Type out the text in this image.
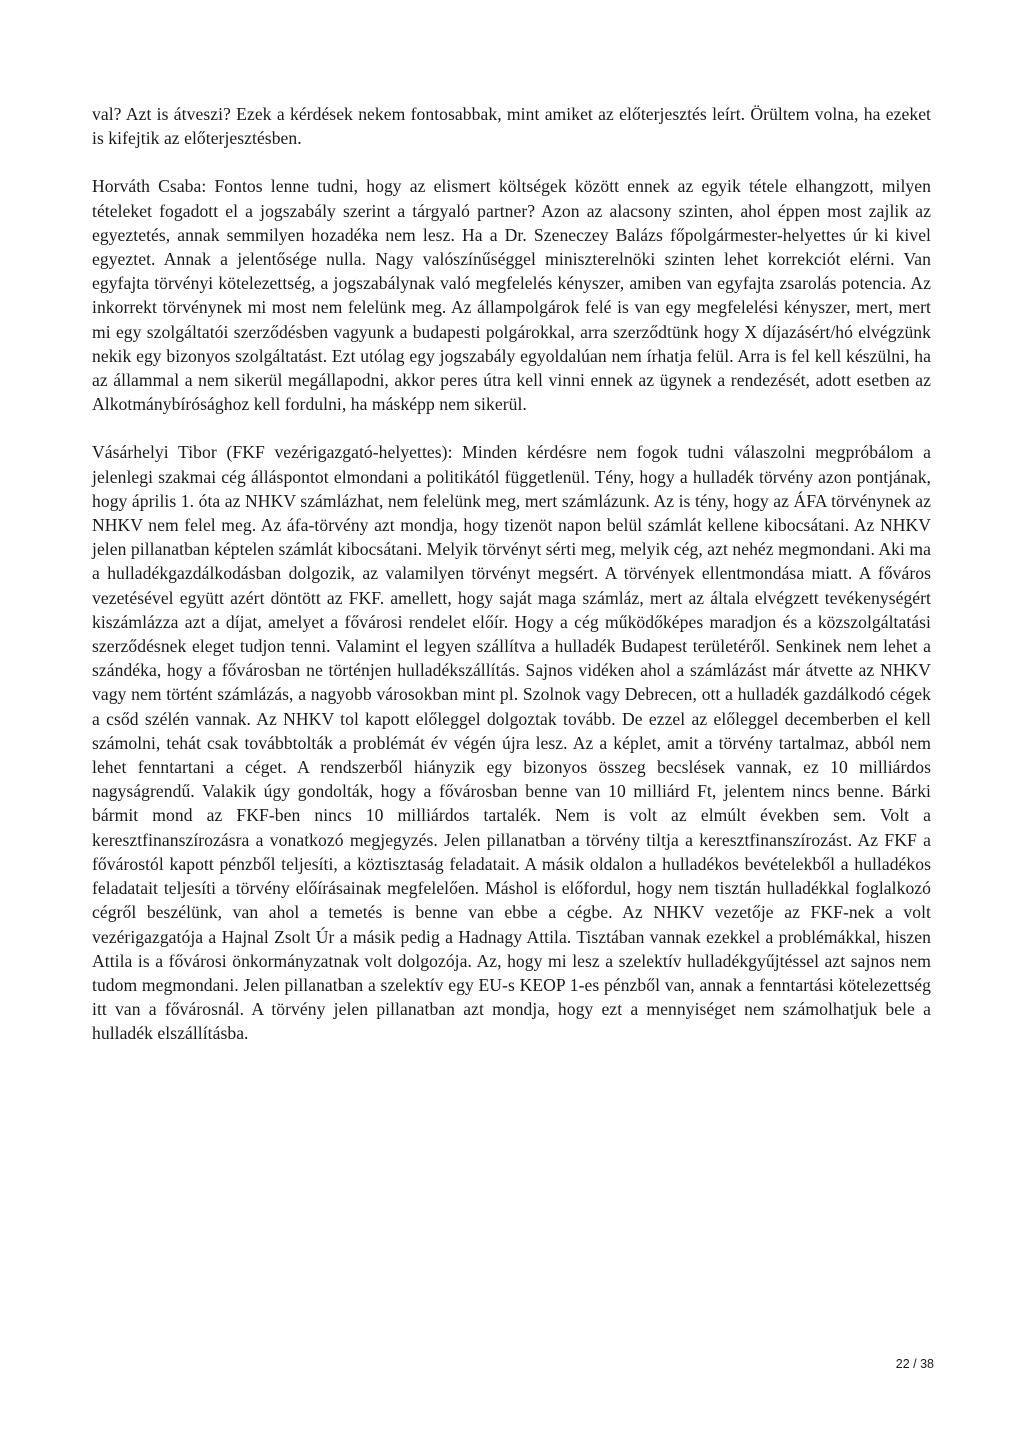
val? Azt is átveszi? Ezek a kérdések nekem fontosabbak, mint amiket az előterjesztés leírt. Örültem volna, ha ezeket is kifejtik az előterjesztésben.

Horváth Csaba: Fontos lenne tudni, hogy az elismert költségek között ennek az egyik tétele elhangzott, milyen tételeket fogadott el a jogszabály szerint a tárgyaló partner? Azon az alacsony szinten, ahol éppen most zajlik az egyeztetés, annak semmilyen hozadéka nem lesz. Ha a Dr. Szeneczey Balázs főpolgármester-helyettes úr ki kivel egyeztet. Annak a jelentősége nulla. Nagy valószínűséggel miniszterelnöki szinten lehet korrekciót elérni. Van egyfajta törvényi kötelezettség, a jogszabálynak való megfelelés kényszer, amiben van egyfajta zsarolás potencia. Az inkorrekt törvénynek mi most nem felelünk meg. Az állampolgárok felé is van egy megfelelési kényszer, mert, mert mi egy szolgáltatói szerződésben vagyunk a budapesti polgárokkal, arra szerződtünk hogy X díjazásért/hó elvégzünk nekik egy bizonyos szolgáltatást. Ezt utólag egy jogszabály egyoldalúan nem írhatja felül. Arra is fel kell készülni, ha az állammal a nem sikerül megállapodni, akkor peres útra kell vinni ennek az ügynek a rendezését, adott esetben az Alkotmánybírósághoz kell fordulni, ha másképp nem sikerül.

Vásárhelyi Tibor (FKF vezérigazgató-helyettes): Minden kérdésre nem fogok tudni válaszolni megpróbálom a jelenlegi szakmai cég álláspontot elmondani a politikától függetlenül. Tény, hogy a hulladék törvény azon pontjának, hogy április 1. óta az NHKV számlázhat, nem felelünk meg, mert számlázunk. Az is tény, hogy az ÁFA törvénynek az NHKV nem felel meg. Az áfa-törvény azt mondja, hogy tizenöt napon belül számlát kellene kibocsátani. Az NHKV jelen pillanatban képtelen számlát kibocsátani. Melyik törvényt sérti meg, melyik cég, azt nehéz megmondani. Aki ma a hulladékgazdálkodásban dolgozik, az valamilyen törvényt megsért. A törvények ellentmondása miatt. A főváros vezetésével együtt azért döntött az FKF. amellett, hogy saját maga számláz, mert az általa elvégzett tevékenységért kiszámlázza azt a díjat, amelyet a fővárosi rendelet előír. Hogy a cég működőképes maradjon és a közszolgáltatási szerződésnek eleget tudjon tenni. Valamint el legyen szállítva a hulladék Budapest területéről. Senkinek nem lehet a szándéka, hogy a fővárosban ne történjen hulladékszállítás. Sajnos vidéken ahol a számlázást már átvette az NHKV vagy nem történt számlázás, a nagyobb városokban mint pl. Szolnok vagy Debrecen, ott a hulladék gazdálkodó cégek a csőd szélén vannak. Az NHKV tol kapott előleggel dolgoztak tovább. De ezzel az előleggel decemberben el kell számolni, tehát csak továbbtolták a problémát év végén újra lesz. Az a képlet, amit a törvény tartalmaz, abból nem lehet fenntartani a céget. A rendszerből hiányzik egy bizonyos összeg becslések vannak, ez 10 milliárdos nagyságrendű. Valakik úgy gondolták, hogy a fővárosban benne van 10 milliárd Ft, jelentem nincs benne. Bárki bármit mond az FKF-ben nincs 10 milliárdos tartalék. Nem is volt az elmúlt években sem. Volt a keresztfinanszírozásra a vonatkozó megjegyzés. Jelen pillanatban a törvény tiltja a keresztfinanszírozást. Az FKF a fővárostól kapott pénzből teljesíti, a köztisztaság feladatait. A másik oldalon a hulladékos bevételekből a hulladékos feladatait teljesíti a törvény előírásainak megfelelően. Máshol is előfordul, hogy nem tisztán hulladékkal foglalkozó cégről beszélünk, van ahol a temetés is benne van ebbe a cégbe. Az NHKV vezetője az FKF-nek a volt vezérigazgatója a Hajnal Zsolt Úr a másik pedig a Hadnagy Attila. Tisztában vannak ezekkel a problémákkal, hiszen Attila is a fővárosi önkormányzatnak volt dolgozója. Az, hogy mi lesz a szelektív hulladékgyűjtéssel azt sajnos nem tudom megmondani. Jelen pillanatban a szelektív egy EU-s KEOP 1-es pénzből van, annak a fenntartási kötelezettség itt van a fővárosnál. A törvény jelen pillanatban azt mondja, hogy ezt a mennyiséget nem számolhatjuk bele a hulladék elszállításba.

22 / 38
